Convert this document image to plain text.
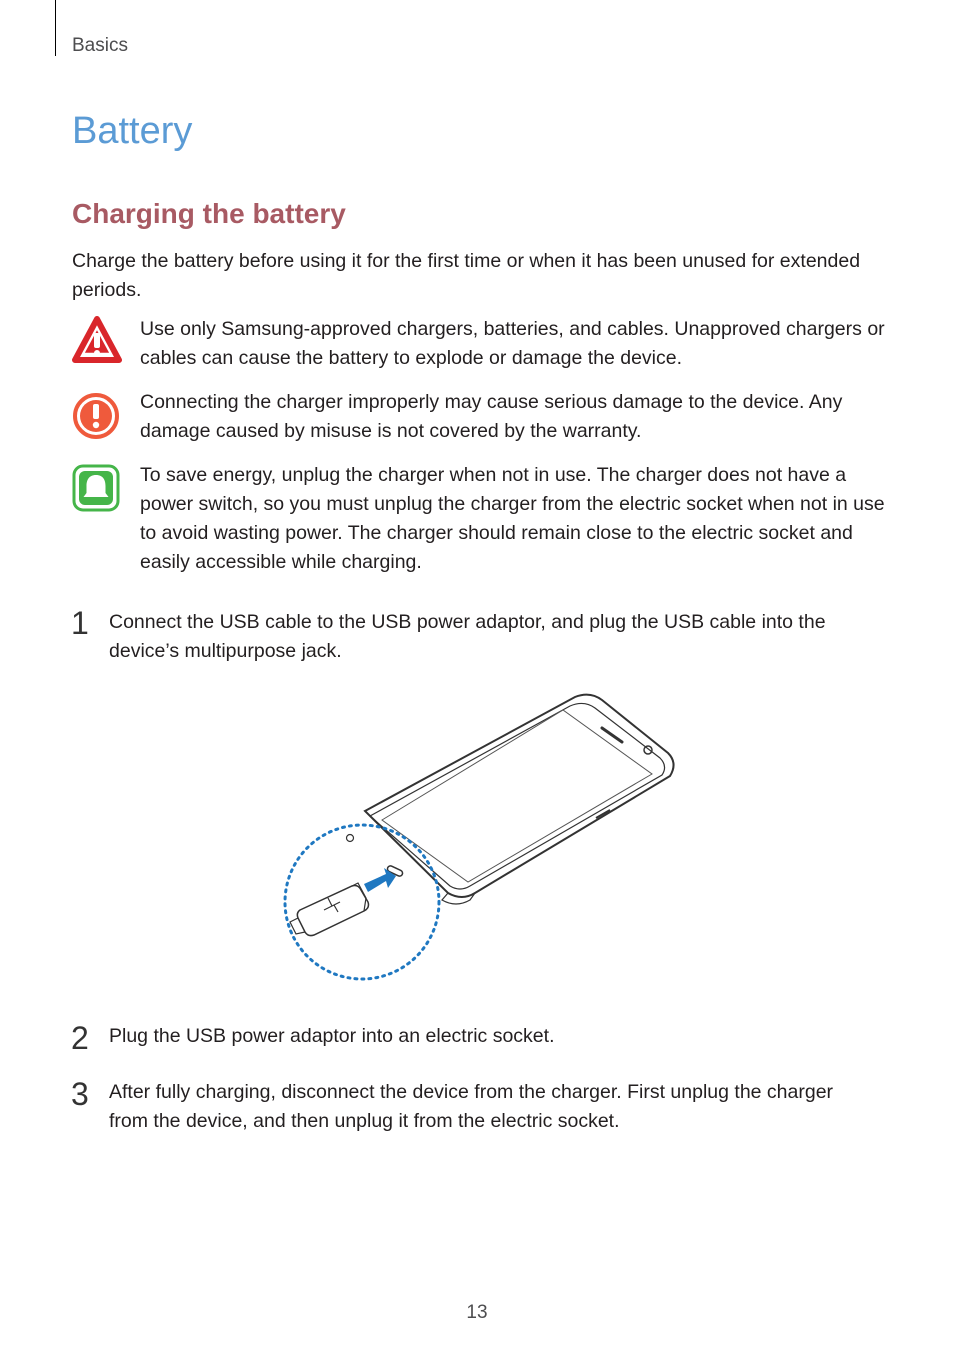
Basics
Battery
Charging the battery
Charge the battery before using it for the first time or when it has been unused for extended periods.
Use only Samsung-approved chargers, batteries, and cables. Unapproved chargers or cables can cause the battery to explode or damage the device.
Connecting the charger improperly may cause serious damage to the device. Any damage caused by misuse is not covered by the warranty.
To save energy, unplug the charger when not in use. The charger does not have a power switch, so you must unplug the charger from the electric socket when not in use to avoid wasting power. The charger should remain close to the electric socket and easily accessible while charging.
1 Connect the USB cable to the USB power adaptor, and plug the USB cable into the device’s multipurpose jack.
2 Plug the USB power adaptor into an electric socket.
3 After fully charging, disconnect the device from the charger. First unplug the charger from the device, and then unplug it from the electric socket.
13
